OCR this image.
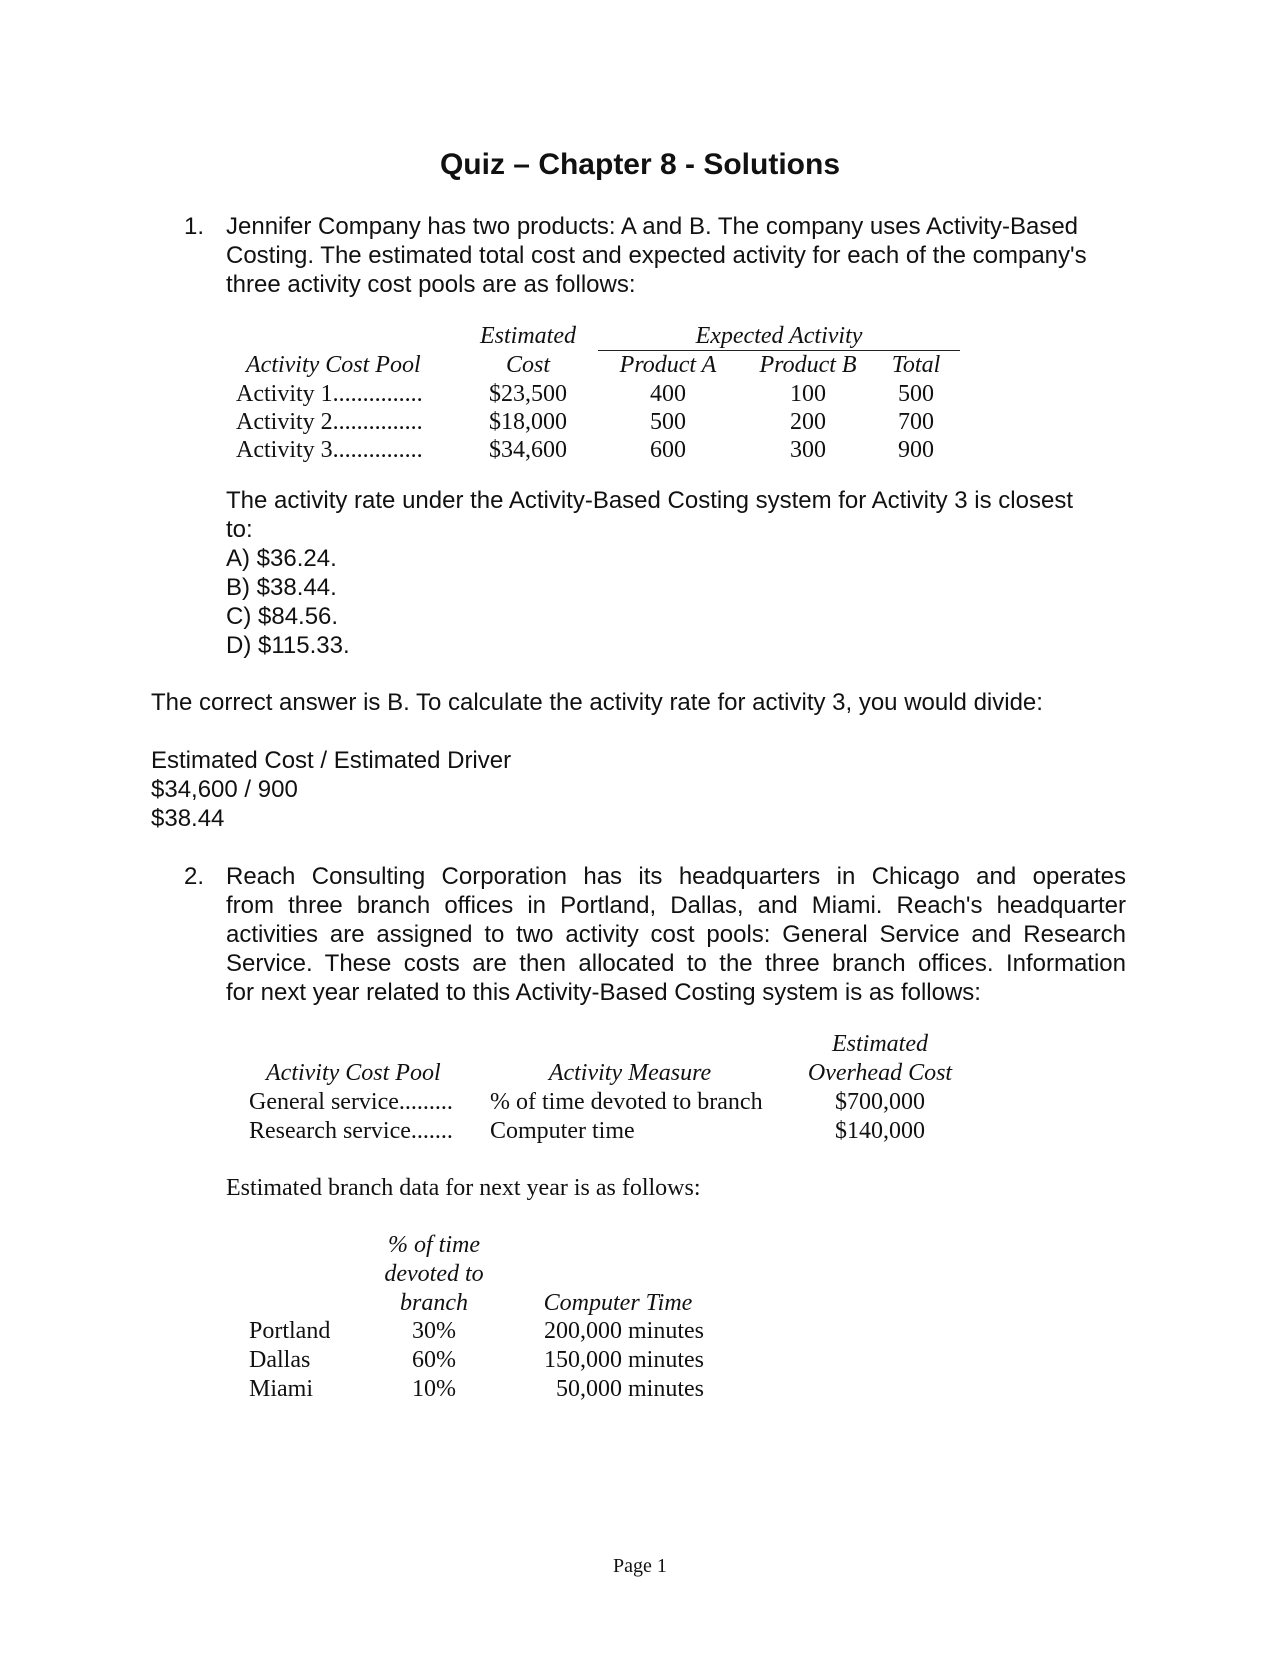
Quiz – Chapter 8 - Solutions
1. Jennifer Company has two products: A and B. The company uses Activity-Based
Costing. The estimated total cost and expected activity for each of the company's
three activity cost pools are as follows:
Estimated	Expected Activity
Activity Cost Pool	Cost	Product A	Product B	Total
Activity 1...............	$23,500	400	100	500
Activity 2...............	$18,000	500	200	700
Activity 3...............	$34,600	600	300	900
The activity rate under the Activity-Based Costing system for Activity 3 is closest
to:
A) $36.24.
B) $38.44.
C) $84.56.
D) $115.33.
The correct answer is B. To calculate the activity rate for activity 3, you would divide:
Estimated Cost / Estimated Driver
$34,600 / 900
$38.44
2. Reach Consulting Corporation has its headquarters in Chicago and operates
from three branch offices in Portland, Dallas, and Miami. Reach's headquarter
activities are assigned to two activity cost pools: General Service and Research
Service. These costs are then allocated to the three branch offices. Information
for next year related to this Activity-Based Costing system is as follows:
Estimated
Activity Cost Pool	Activity Measure	Overhead Cost
General service......... % of time devoted to branch	$700,000
Research service....... Computer time	$140,000
Estimated branch data for next year is as follows:
% of time
devoted to
branch	Computer Time
Portland	30%	200,000 minutes
Dallas	60%	150,000 minutes
Miami	10%	50,000 minutes
Page 1
